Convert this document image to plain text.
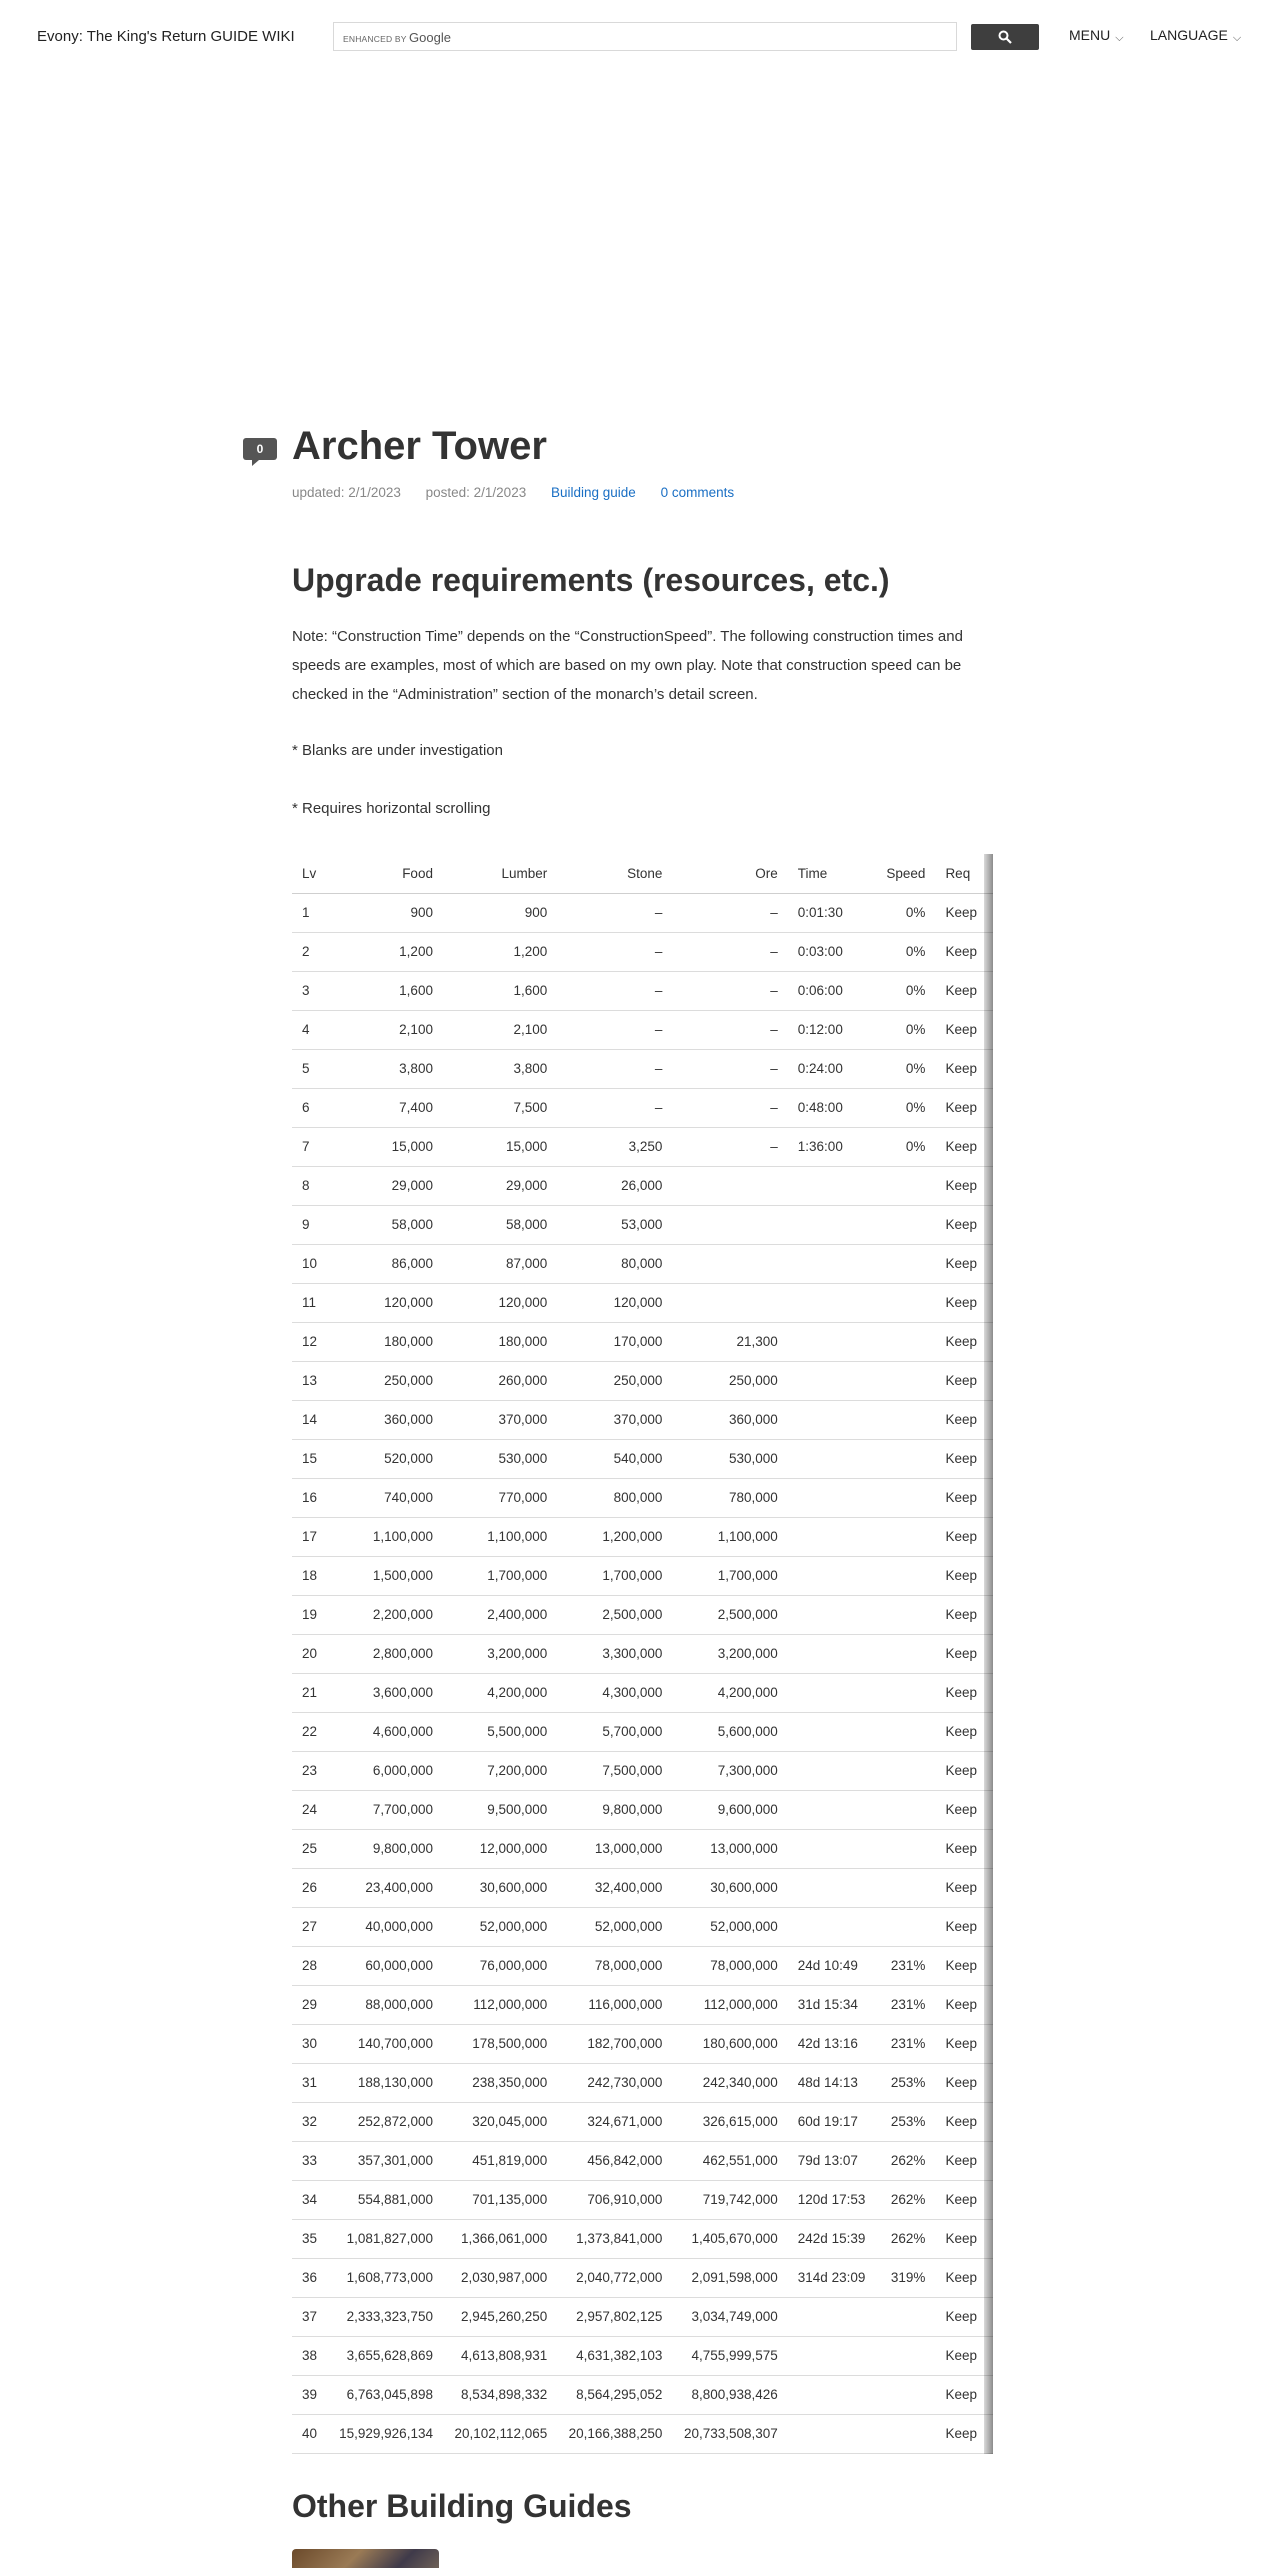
Evony: The King's Return GUIDE WIKI	ENHANCED BY Google	MENU ⌵ LANGUAGE ⌵
0 Archer Tower
updated: 2/1/2023 posted: 2/1/2023 Building guide 0 comments
Upgrade requirements (resources, etc.)

Note: “Construction Time” depends on the “ConstructionSpeed”. The following construction times and speeds are examples, most of which are based on my own play. Note that construction speed can be checked in the “Administration” section of the monarch’s detail screen.

* Blanks are under investigation

* Requires horizontal scrolling

Lv	Food	Lumber	Stone	Ore	Time	Speed	Req
1	900	900	–	–	0:01:30	0%	Keep
2	1,200	1,200	–	–	0:03:00	0%	Keep
3	1,600	1,600	–	–	0:06:00	0%	Keep
4	2,100	2,100	–	–	0:12:00	0%	Keep
5	3,800	3,800	–	–	0:24:00	0%	Keep
6	7,400	7,500	–	–	0:48:00	0%	Keep
7	15,000	15,000	3,250	–	1:36:00	0%	Keep
8	29,000	29,000	26,000				Keep
9	58,000	58,000	53,000				Keep
10	86,000	87,000	80,000				Keep
11	120,000	120,000	120,000				Keep
12	180,000	180,000	170,000	21,300			Keep
13	250,000	260,000	250,000	250,000			Keep
14	360,000	370,000	370,000	360,000			Keep
15	520,000	530,000	540,000	530,000			Keep
16	740,000	770,000	800,000	780,000			Keep
17	1,100,000	1,100,000	1,200,000	1,100,000			Keep
18	1,500,000	1,700,000	1,700,000	1,700,000			Keep
19	2,200,000	2,400,000	2,500,000	2,500,000			Keep
20	2,800,000	3,200,000	3,300,000	3,200,000			Keep
21	3,600,000	4,200,000	4,300,000	4,200,000			Keep
22	4,600,000	5,500,000	5,700,000	5,600,000			Keep
23	6,000,000	7,200,000	7,500,000	7,300,000			Keep
24	7,700,000	9,500,000	9,800,000	9,600,000			Keep
25	9,800,000	12,000,000	13,000,000	13,000,000			Keep
26	23,400,000	30,600,000	32,400,000	30,600,000			Keep
27	40,000,000	52,000,000	52,000,000	52,000,000			Keep
28	60,000,000	76,000,000	78,000,000	78,000,000	24d 10:49	231%	Keep
29	88,000,000	112,000,000	116,000,000	112,000,000	31d 15:34	231%	Keep
30	140,700,000	178,500,000	182,700,000	180,600,000	42d 13:16	231%	Keep
31	188,130,000	238,350,000	242,730,000	242,340,000	48d 14:13	253%	Keep
32	252,872,000	320,045,000	324,671,000	326,615,000	60d 19:17	253%	Keep
33	357,301,000	451,819,000	456,842,000	462,551,000	79d 13:07	262%	Keep
34	554,881,000	701,135,000	706,910,000	719,742,000	120d 17:53	262%	Keep
35	1,081,827,000	1,366,061,000	1,373,841,000	1,405,670,000	242d 15:39	262%	Keep
36	1,608,773,000	2,030,987,000	2,040,772,000	2,091,598,000	314d 23:09	319%	Keep
37	2,333,323,750	2,945,260,250	2,957,802,125	3,034,749,000			Keep
38	3,655,628,869	4,613,808,931	4,631,382,103	4,755,999,575			Keep
39	6,763,045,898	8,534,898,332	8,564,295,052	8,800,938,426			Keep
40	15,929,926,134	20,102,112,065	20,166,388,250	20,733,508,307			Keep
Other Building Guides
